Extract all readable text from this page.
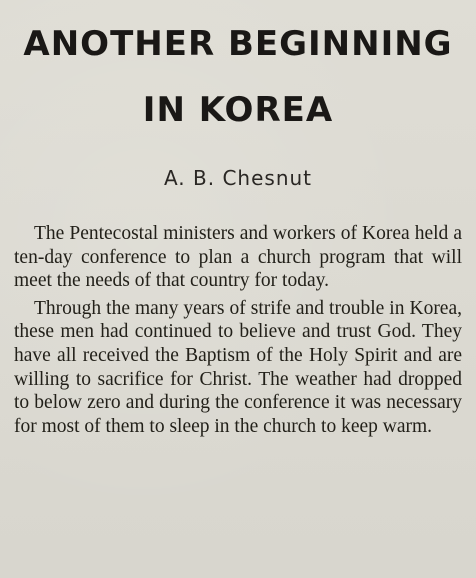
ANOTHER BEGINNING
IN KOREA

A. B. Chesnut

The Pentecostal ministers and workers of Korea held a ten-day conference to plan a church program that will meet the needs of that country for today.

Through the many years of strife and trouble in Korea, these men had continued to believe and trust God. They have all received the Baptism of the Holy Spirit and are willing to sacrifice for Christ. The weather had dropped to below zero and during the conference it was necessary for most of them to sleep in the church to keep warm.
